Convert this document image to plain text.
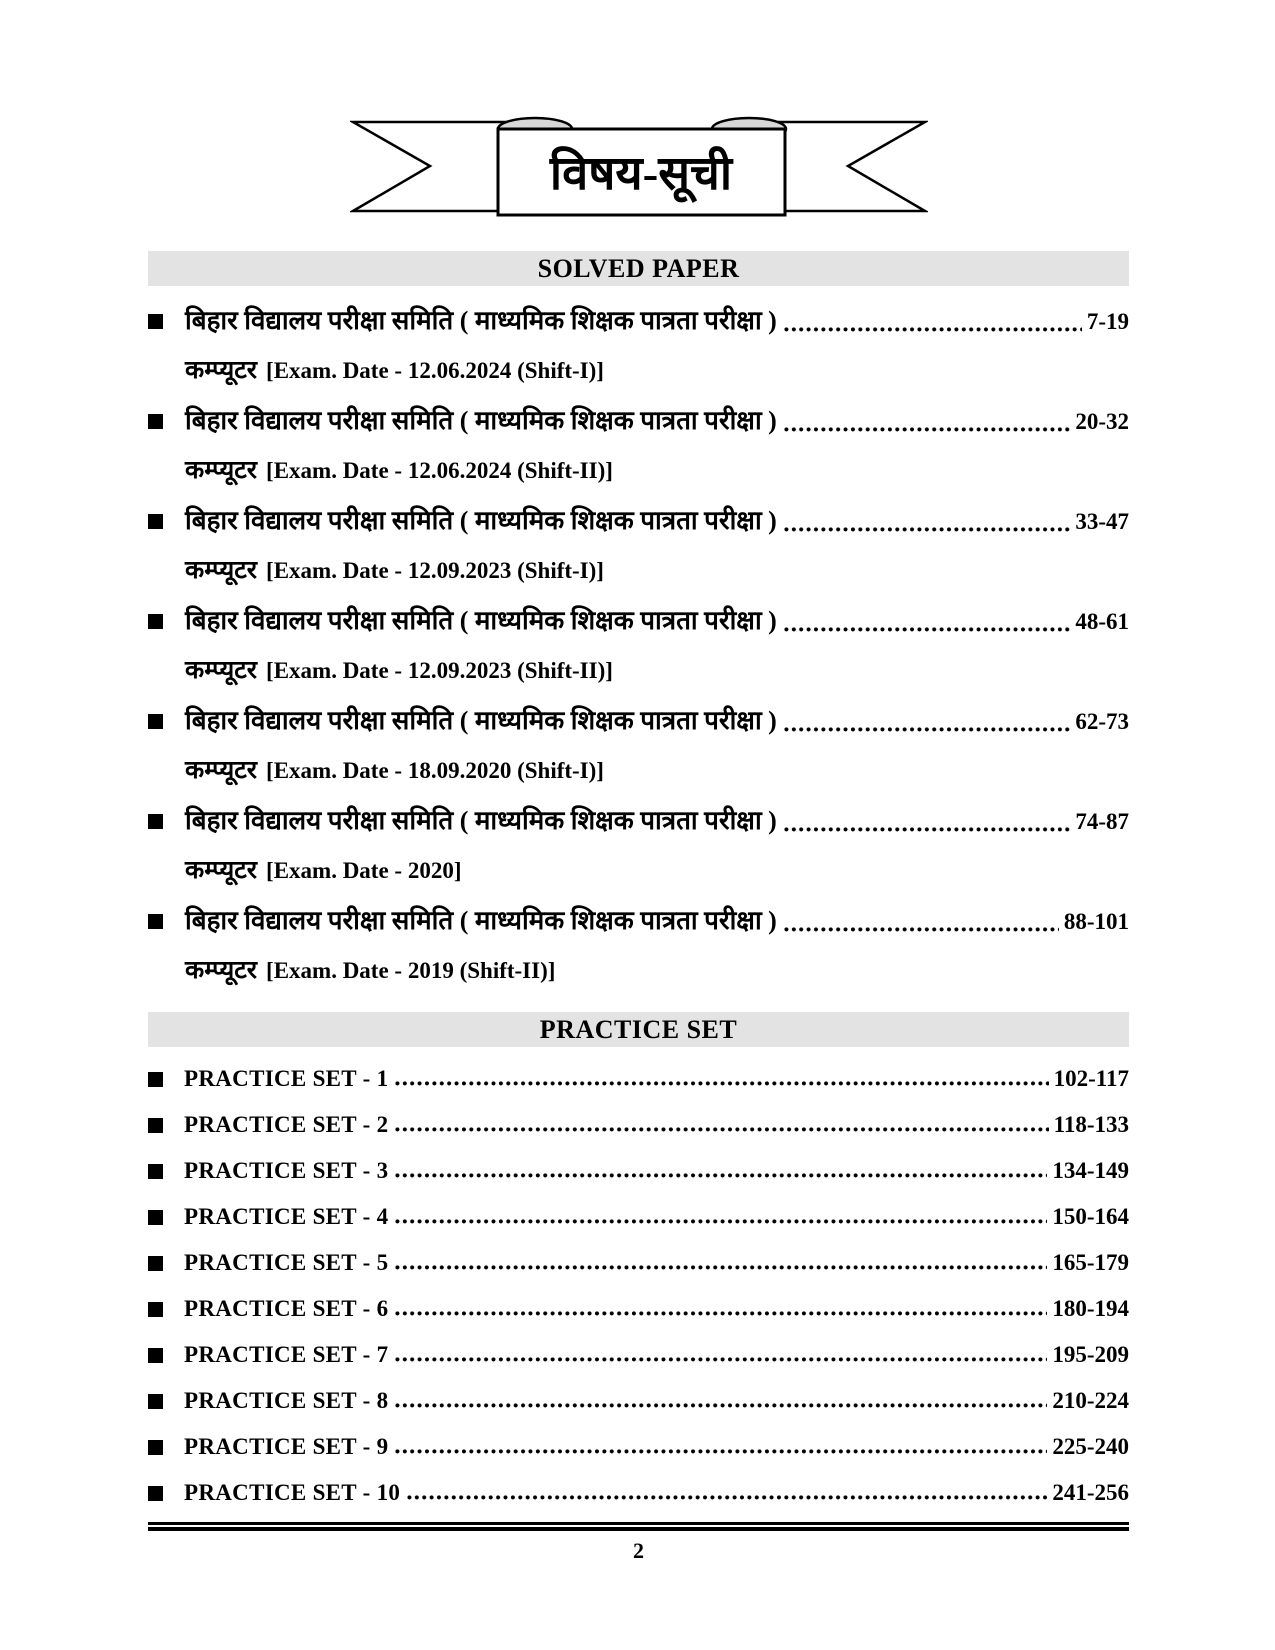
विषय-सूची
SOLVED PAPER
बिहार विद्यालय परीक्षा समिति ( माध्यमिक शिक्षक पात्रता परीक्षा )	7-19
कम्प्यूटर [Exam. Date - 12.06.2024 (Shift-I)]
बिहार विद्यालय परीक्षा समिति ( माध्यमिक शिक्षक पात्रता परीक्षा )	20-32
कम्प्यूटर [Exam. Date - 12.06.2024 (Shift-II)]
बिहार विद्यालय परीक्षा समिति ( माध्यमिक शिक्षक पात्रता परीक्षा )	33-47
कम्प्यूटर [Exam. Date - 12.09.2023 (Shift-I)]
बिहार विद्यालय परीक्षा समिति ( माध्यमिक शिक्षक पात्रता परीक्षा )	48-61
कम्प्यूटर [Exam. Date - 12.09.2023 (Shift-II)]
बिहार विद्यालय परीक्षा समिति ( माध्यमिक शिक्षक पात्रता परीक्षा )	62-73
कम्प्यूटर [Exam. Date - 18.09.2020 (Shift-I)]
बिहार विद्यालय परीक्षा समिति ( माध्यमिक शिक्षक पात्रता परीक्षा )	74-87
कम्प्यूटर [Exam. Date - 2020]
बिहार विद्यालय परीक्षा समिति ( माध्यमिक शिक्षक पात्रता परीक्षा )	88-101
कम्प्यूटर [Exam. Date - 2019 (Shift-II)]
PRACTICE SET
PRACTICE SET - 1	102-117
PRACTICE SET - 2	118-133
PRACTICE SET - 3	134-149
PRACTICE SET - 4	150-164
PRACTICE SET - 5	165-179
PRACTICE SET - 6	180-194
PRACTICE SET - 7	195-209
PRACTICE SET - 8	210-224
PRACTICE SET - 9	225-240
PRACTICE SET - 10	241-256
2
